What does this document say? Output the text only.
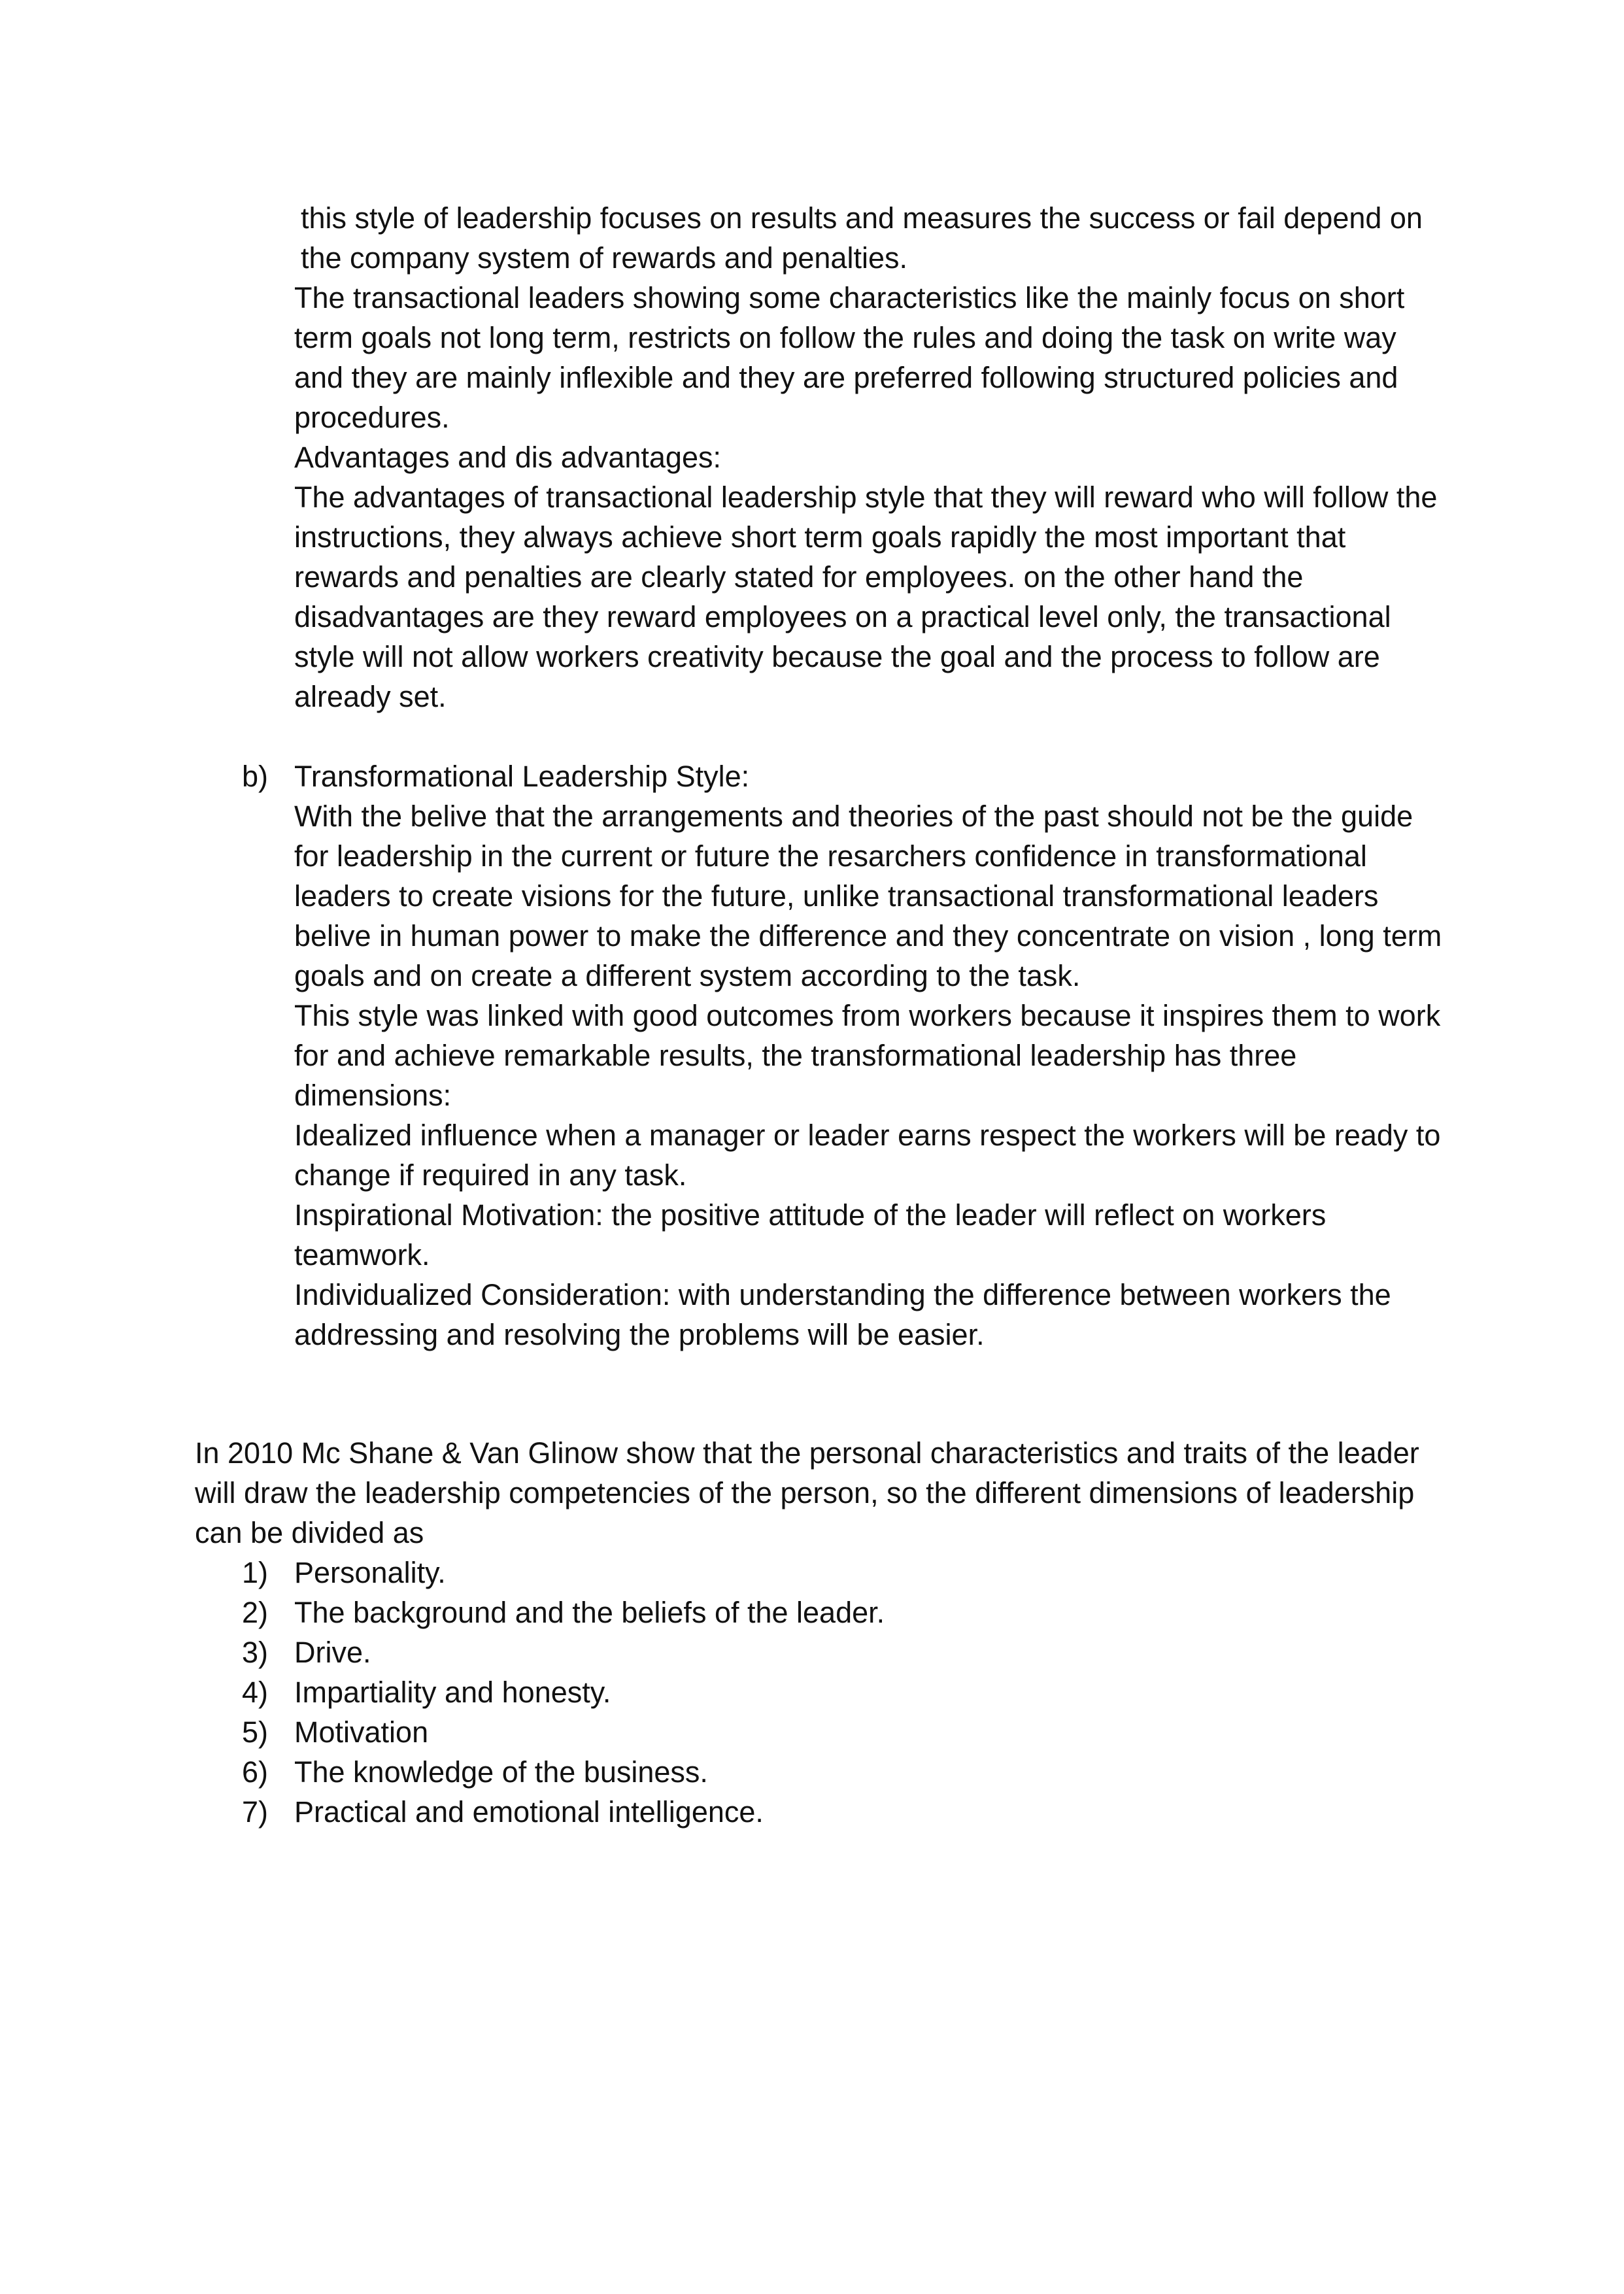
this style of leadership focuses on results and measures the success or fail depend on the company system of rewards and penalties.

The transactional leaders showing some characteristics like the mainly focus on short term goals not long term, restricts on follow the rules and doing the task on write way and they are mainly inflexible and they are preferred following structured policies and procedures.

Advantages and dis advantages:

The advantages of transactional leadership style that they will reward who will follow the instructions, they always achieve short term goals rapidly the most important that rewards and penalties are clearly stated for employees. on the other hand the disadvantages are they reward employees on a practical level only, the transactional style will not allow workers creativity because the goal and the process to follow are already set.

b) Transformational Leadership Style:

With the belive that the arrangements and theories of the past should not be the guide for leadership in the current or future the resarchers confidence in transformational leaders to create visions for the future, unlike transactional transformational leaders belive in human power to make the difference and they concentrate on vision , long term goals and on create a different system according to the task.

This style was linked with good outcomes from workers because it inspires them to work for and achieve remarkable results, the transformational leadership has three dimensions:

Idealized influence when a manager or leader earns respect the workers will be ready to change if required in any task.

Inspirational Motivation: the positive attitude of the leader will reflect on workers teamwork.

Individualized Consideration: with understanding the difference between workers the addressing and resolving the problems will be easier.

In 2010 Mc Shane & Van Glinow show that the personal characteristics and traits of the leader will draw the leadership competencies of the person, so the different dimensions of leadership can be divided as

1) Personality.
2) The background and the beliefs of the leader.
3) Drive.
4) Impartiality and honesty.
5) Motivation
6) The knowledge of the business.
7) Practical and emotional intelligence.
